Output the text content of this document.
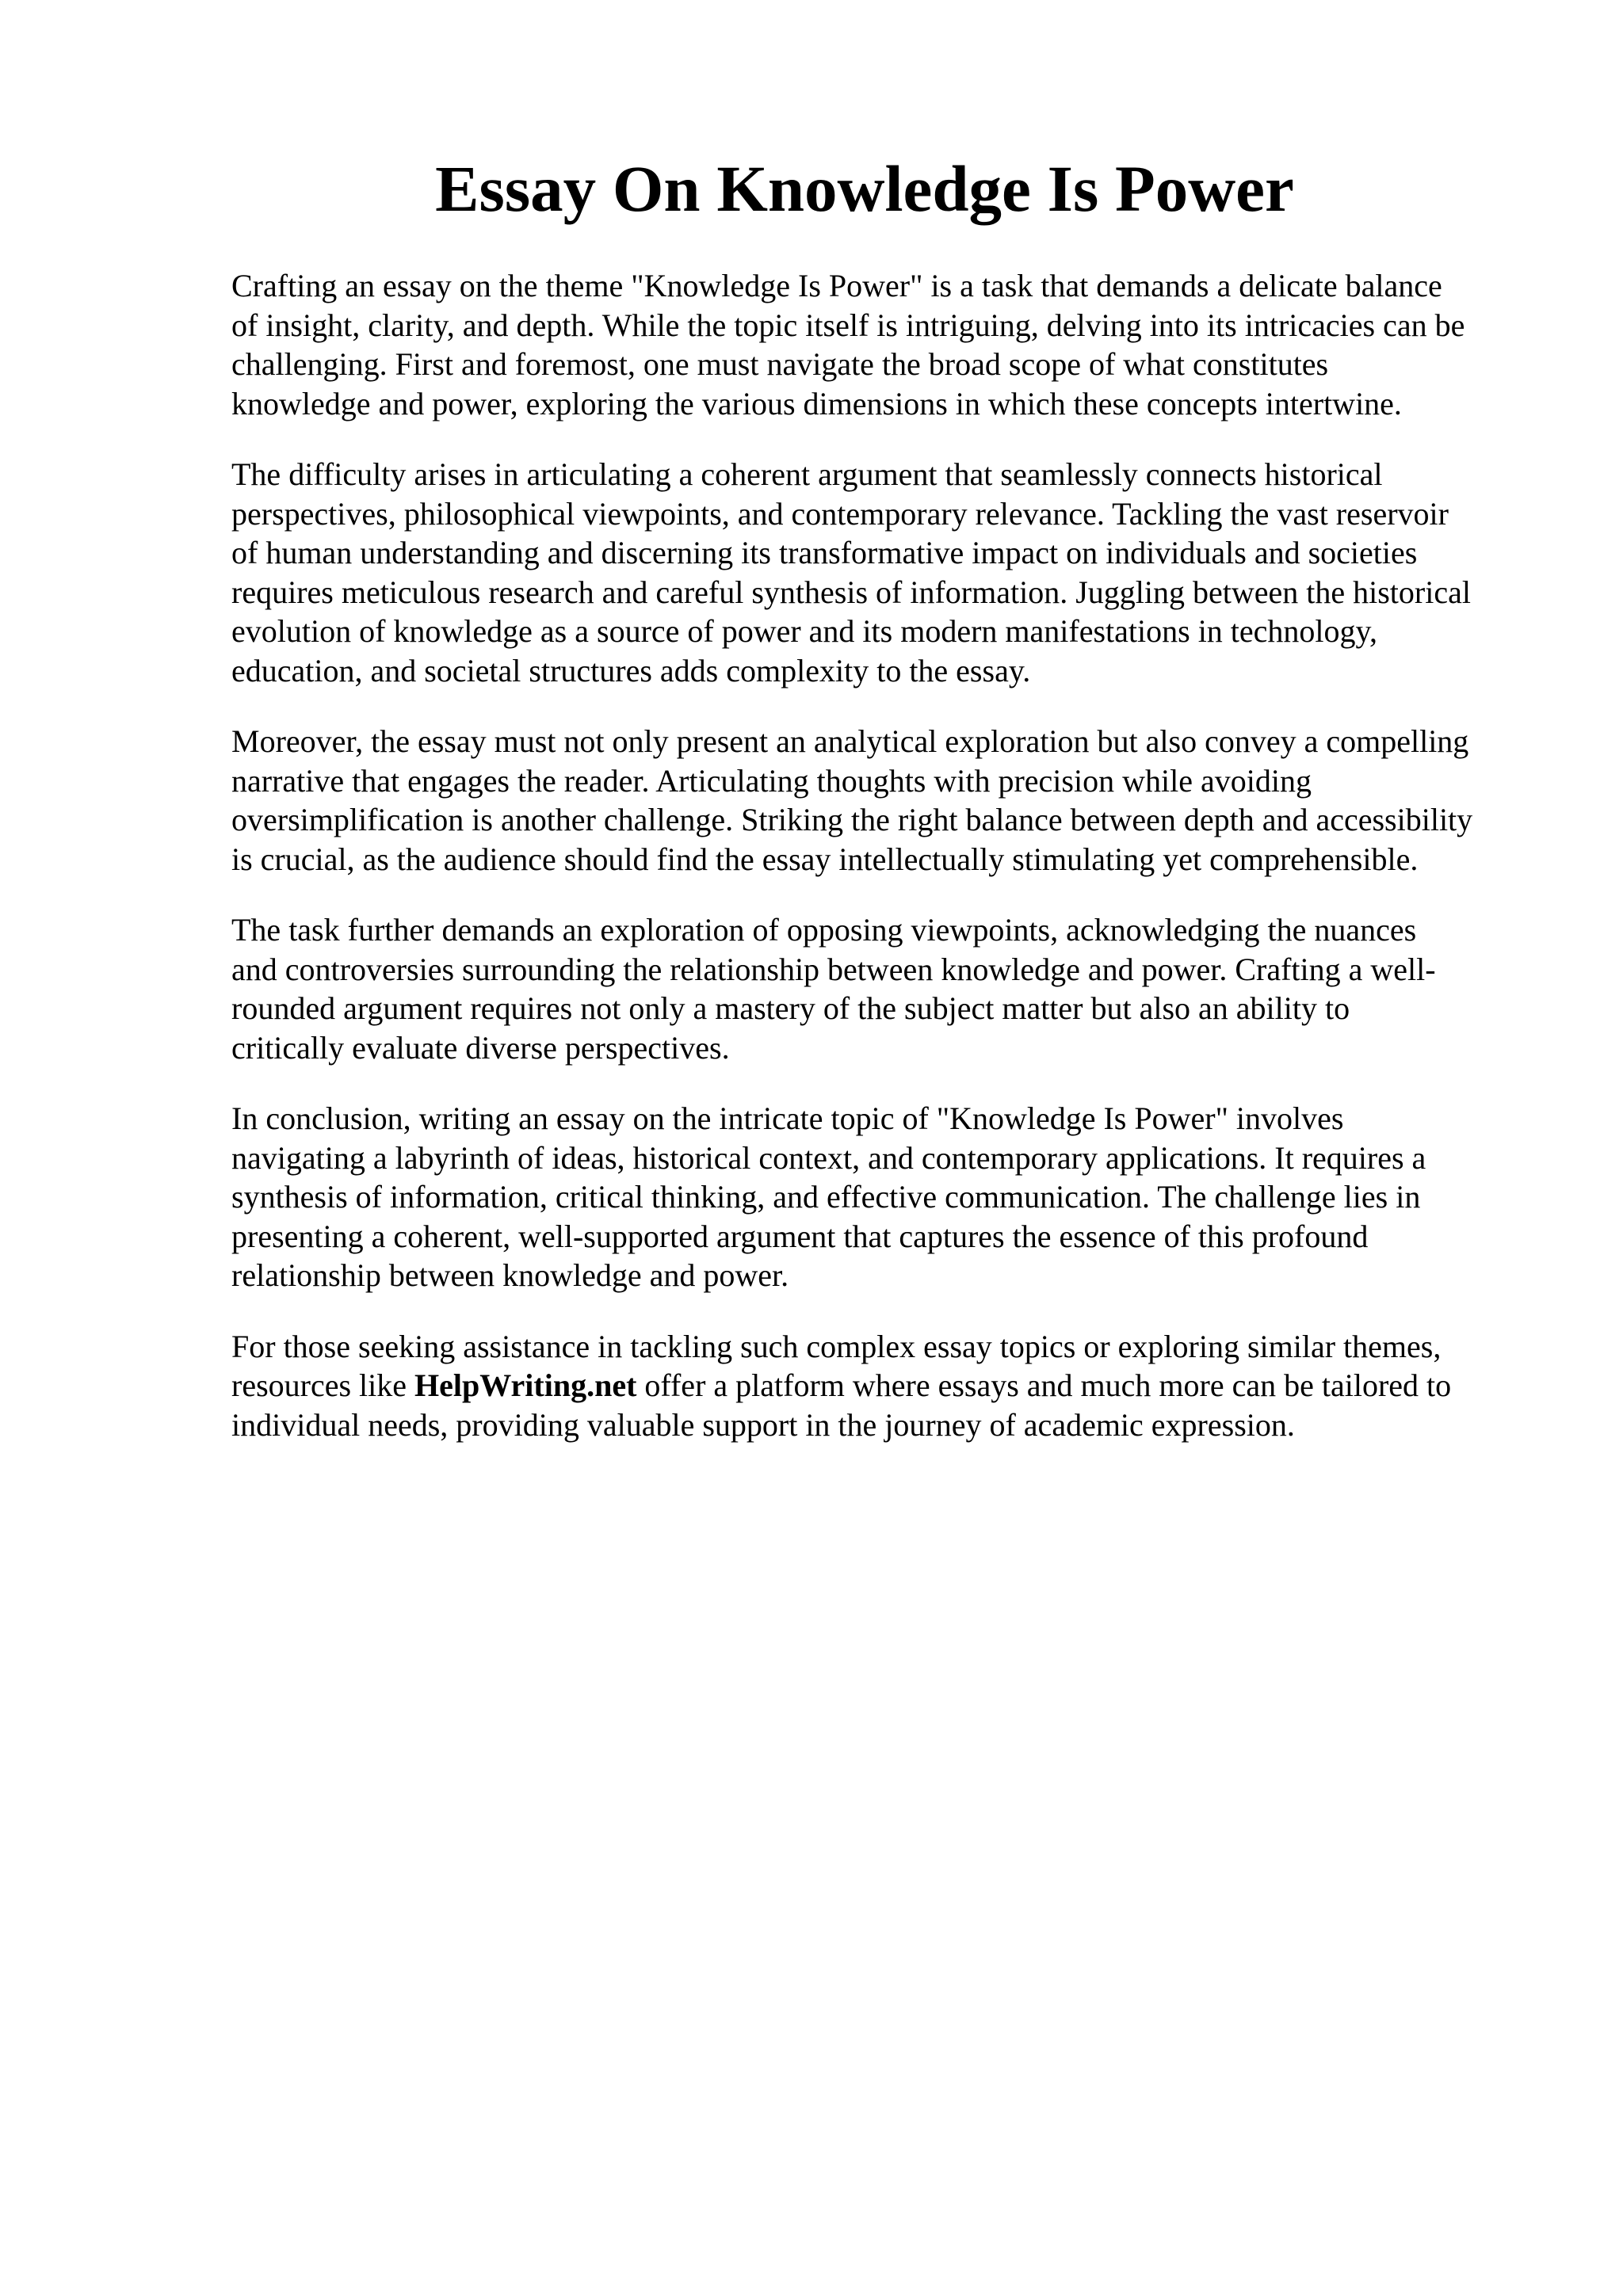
Essay On Knowledge Is Power

Crafting an essay on the theme "Knowledge Is Power" is a task that demands a delicate balance
of insight, clarity, and depth. While the topic itself is intriguing, delving into its intricacies can be
challenging. First and foremost, one must navigate the broad scope of what constitutes
knowledge and power, exploring the various dimensions in which these concepts intertwine.

The difficulty arises in articulating a coherent argument that seamlessly connects historical
perspectives, philosophical viewpoints, and contemporary relevance. Tackling the vast reservoir
of human understanding and discerning its transformative impact on individuals and societies
requires meticulous research and careful synthesis of information. Juggling between the historical
evolution of knowledge as a source of power and its modern manifestations in technology,
education, and societal structures adds complexity to the essay.

Moreover, the essay must not only present an analytical exploration but also convey a compelling
narrative that engages the reader. Articulating thoughts with precision while avoiding
oversimplification is another challenge. Striking the right balance between depth and accessibility
is crucial, as the audience should find the essay intellectually stimulating yet comprehensible.

The task further demands an exploration of opposing viewpoints, acknowledging the nuances
and controversies surrounding the relationship between knowledge and power. Crafting a well-
rounded argument requires not only a mastery of the subject matter but also an ability to
critically evaluate diverse perspectives.

In conclusion, writing an essay on the intricate topic of "Knowledge Is Power" involves
navigating a labyrinth of ideas, historical context, and contemporary applications. It requires a
synthesis of information, critical thinking, and effective communication. The challenge lies in
presenting a coherent, well-supported argument that captures the essence of this profound
relationship between knowledge and power.

For those seeking assistance in tackling such complex essay topics or exploring similar themes,
resources like HelpWriting.net offer a platform where essays and much more can be tailored to
individual needs, providing valuable support in the journey of academic expression.
